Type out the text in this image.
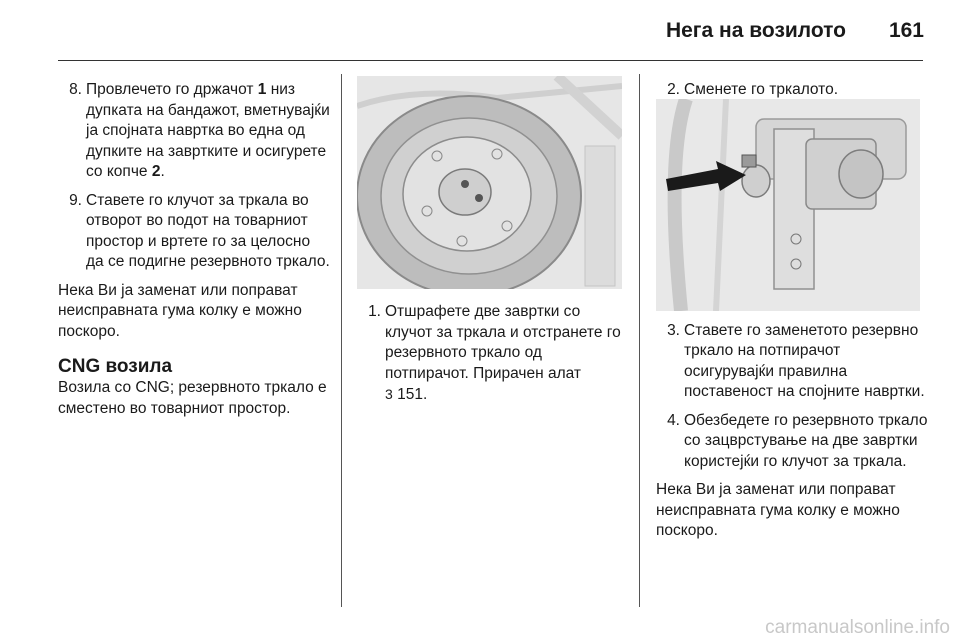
Нега на возилото	161
8. Провлечето го држачот 1 низ дупката на бандажот, вметнувајќи ја спојната наврткa во една од дупките на завртките и осигурете со копче 2.
9. Ставете го клучот за тркала во отворот во подот на товарниот простор и вртете го за целосно да се подигне резервното тркало.

Нека Ви ја заменат или поправат неисправната гума колку е можно поскоро.

CNG возила

Возила со CNG; резервното тркало е сместено во товарниот простор.

1. Отшрафете две завртки со клучот за тркала и отстранете го резервното тркало од потпирачот. Прирачен алат
3 151.
2. Сменете го тркалото.
3. Ставете го заменетото резервно тркало на потпирачот осигурувајќи правилна поставеност на спојните навртки.
4. Обезбедете го резервното тркало со зацврстување на две завртки користејќи го клучот за тркала.

Нека Ви ја заменат или поправат неисправната гума колку е можно поскоро.

carmanualsonline.info
